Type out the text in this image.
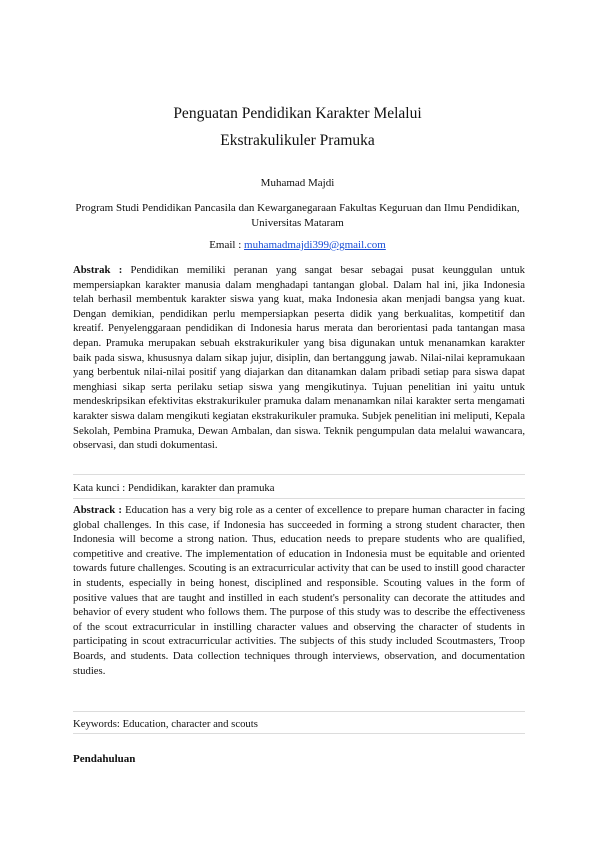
Penguatan Pendidikan Karakter Melalui
Ekstrakulikuler Pramuka
Muhamad Majdi
Program Studi Pendidikan Pancasila dan Kewarganegaraan Fakultas Keguruan dan Ilmu Pendidikan, Universitas Mataram
Email : muhamadmajdi399@gmail.com

Abstrak : Pendidikan memiliki peranan yang sangat besar sebagai pusat keunggulan untuk mempersiapkan karakter manusia dalam menghadapi tantangan global. Dalam hal ini, jika Indonesia telah berhasil membentuk karakter siswa yang kuat, maka Indonesia akan menjadi bangsa yang kuat. Dengan demikian, pendidikan perlu mempersiapkan peserta didik yang berkualitas, kompetitif dan kreatif. Penyelenggaraan pendidikan di Indonesia harus merata dan berorientasi pada tantangan masa depan. Pramuka merupakan sebuah ekstrakurikuler yang bisa digunakan untuk menanamkan karakter baik pada siswa, khususnya dalam sikap jujur, disiplin, dan bertanggung jawab. Nilai-nilai kepramukaan yang berbentuk nilai-nilai positif yang diajarkan dan ditanamkan dalam pribadi setiap para siswa dapat menghiasi sikap serta perilaku setiap siswa yang mengikutinya. Tujuan penelitian ini yaitu untuk mendeskripsikan efektivitas ekstrakurikuler pramuka dalam menanamkan nilai karakter serta mengamati karakter siswa dalam mengikuti kegiatan ekstrakurikuler pramuka. Subjek penelitian ini meliputi, Kepala Sekolah, Pembina Pramuka, Dewan Ambalan, dan siswa. Teknik pengumpulan data melalui wawancara, observasi, dan studi dokumentasi.

Kata kunci : Pendidikan, karakter dan pramuka

Abstrack : Education has a very big role as a center of excellence to prepare human character in facing global challenges. In this case, if Indonesia has succeeded in forming a strong student character, then Indonesia will become a strong nation. Thus, education needs to prepare students who are qualified, competitive and creative. The implementation of education in Indonesia must be equitable and oriented towards future challenges. Scouting is an extracurricular activity that can be used to instill good character in students, especially in being honest, disciplined and responsible. Scouting values in the form of positive values that are taught and instilled in each student's personality can decorate the attitudes and behavior of every student who follows them. The purpose of this study was to describe the effectiveness of the scout extracurricular in instilling character values and observing the character of students in participating in scout extracurricular activities. The subjects of this study included Scoutmasters, Troop Boards, and students. Data collection techniques through interviews, observation, and documentation studies.

Keywords: Education, character and scouts
Pendahuluan
